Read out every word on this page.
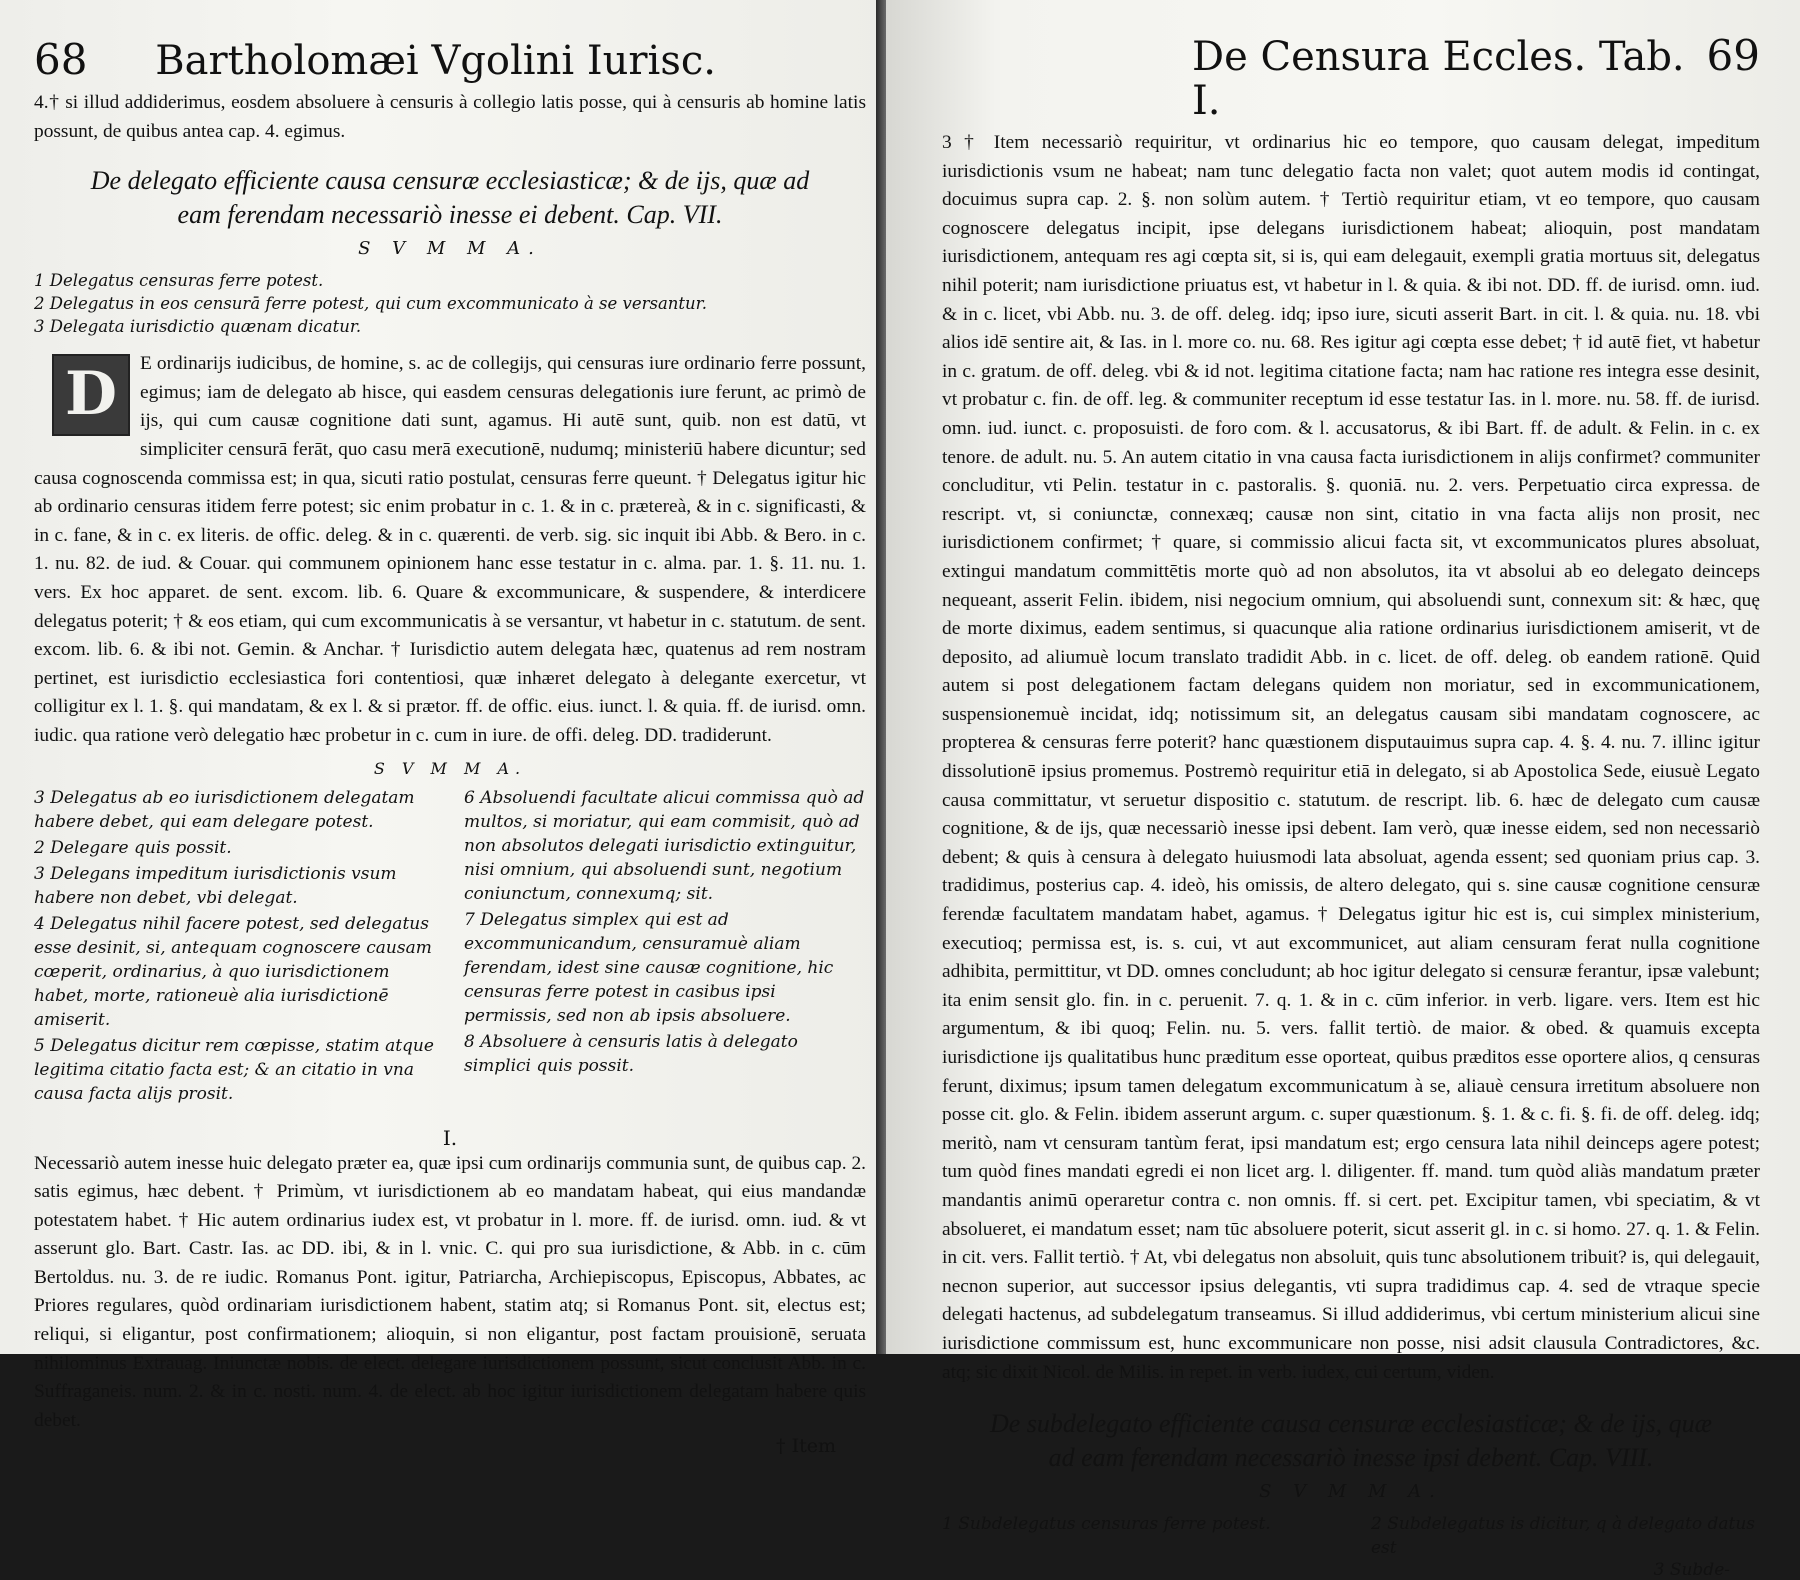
68 Bartholomæi Vgolini Iurisc.

4.† si illud addiderimus, eosdem absoluere à censuris à collegio latis posse, qui à censuris ab homine latis possunt, de quibus antea cap. 4. egimus.

De delegato efficiente causa censuræ ecclesiasticæ; & de ijs, quæ ad eam ferendam necessariò inesse ei debent. Cap. VII.
S V M M A.
1 Delegatus censuras ferre potest.
2 Delegatus in eos censurā ferre potest, qui cum excommunicato à se versantur.
3 Delegata iurisdictio quænam dicatur.
D	E ordinarijs iudicibus, de homine, s. ac de collegijs, qui censuras iure ordinario ferre possunt, egimus; iam de delegato ab hisce, qui easdem censuras delegationis iure ferunt, ac primò de ijs, qui cum causæ cognitione dati sunt, agamus. Hi autē sunt, quib. non est datū, vt simpliciter censurā ferāt, quo casu merā executionē, nudumq; ministeriū habere dicuntur; sed causa cognoscenda commissa est; in qua, sicuti ratio postulat, censuras ferre queunt. † Delegatus igitur hic ab ordinario censuras itidem ferre potest; sic enim probatur in c. 1. & in c. prætereà, & in c. significasti, & in c. fane, & in c. ex literis. de offic. deleg. & in c. quærenti. de verb. sig. sic inquit ibi Abb. & Bero. in c. 1. nu. 82. de iud. & Couar. qui communem opinionem hanc esse testatur in c. alma. par. 1. §. 11. nu. 1. vers. Ex hoc apparet. de sent. excom. lib. 6. Quare & excommunicare, & suspendere, & interdicere delegatus poterit; † & eos etiam, qui cum excommunicatis à se versantur, vt habetur in c. statutum. de sent. excom. lib. 6. & ibi not. Gemin. & Anchar. † Iurisdictio autem delegata hæc, quatenus ad rem nostram pertinet, est iurisdictio ecclesiastica fori contentiosi, quæ inhæret delegato à delegante exercetur, vt colligitur ex l. 1. §. qui mandatam, & ex l. & si prætor. ff. de offic. eius. iunct. l. & quia. ff. de iurisd. omn. iudic. qua ratione verò delegatio hæc probetur in c. cum in iure. de offi. deleg. DD. tradiderunt.

S V M M A.
3 Delegatus ab eo iurisdictionem delegatam habere debet, qui eam delegare potest.
2 Delegare quis possit.
3 Delegans impeditum iurisdictionis vsum habere non debet, vbi delegat.
4 Delegatus nihil facere potest, sed delegatus esse desinit, si, antequam cognoscere causam cœperit, ordinarius, à quo iurisdictionem habet, morte, rationeuè alia iurisdictionē amiserit.
5 Delegatus dicitur rem cœpisse, statim atque legitima citatio facta est; & an citatio in vna causa facta alijs prosit.
6 Absoluendi facultate alicui commissa quò ad multos, si moriatur, qui eam commisit, quò ad non absolutos delegati iurisdictio extinguitur, nisi omnium, qui absoluendi sunt, negotium coniunctum, connexumq; sit.
7 Delegatus simplex qui est ad excommunicandum, censuramuè aliam ferendam, idest sine causæ cognitione, hic censuras ferre potest in casibus ipsi permissis, sed non ab ipsis absoluere.
8 Absoluere à censuris latis à delegato simplici quis possit.
I.

Necessariò autem inesse huic delegato præter ea, quæ ipsi cum ordinarijs communia sunt, de quibus cap. 2. satis egimus, hæc debent. † Primùm, vt iurisdictionem ab eo mandatam habeat, qui eius mandandæ potestatem habet. † Hic autem ordinarius iudex est, vt probatur in l. more. ff. de iurisd. omn. iud. & vt asserunt glo. Bart. Castr. Ias. ac DD. ibi, & in l. vnic. C. qui pro sua iurisdictione, & Abb. in c. cūm Bertoldus. nu. 3. de re iudic. Romanus Pont. igitur, Patriarcha, Archiepiscopus, Episcopus, Abbates, ac Priores regulares, quòd ordinariam iurisdictionem habent, statim atq; si Romanus Pont. sit, electus est; reliqui, si eligantur, post confirmationem; alioquin, si non eligantur, post factam prouisionē, seruata nihilominus Extrauag. Iniunctæ nobis. de elect. delegare iurisdictionem possunt, sicut conclusit Abb. in c. Suffraganeis. num. 2. & in c. nosti. num. 4. de elect. ab hoc igitur iurisdictionem delegatam habere quis debet.

† Item
De Censura Eccles. Tab. I.
69

3 † Item necessariò requiritur, vt ordinarius hic eo tempore, quo causam delegat, impeditum iurisdictionis vsum ne habeat; nam tunc delegatio facta non valet; quot autem modis id contingat, docuimus supra cap. 2. §. non solùm autem. † Tertiò requiritur etiam, vt eo tempore, quo causam cognoscere delegatus incipit, ipse delegans iurisdictionem habeat; alioquin, post mandatam iurisdictionem, antequam res agi cœpta sit, si is, qui eam delegauit, exempli gratia mortuus sit, delegatus nihil poterit; nam iurisdictione priuatus est, vt habetur in l. & quia. & ibi not. DD. ff. de iurisd. omn. iud. & in c. licet, vbi Abb. nu. 3. de off. deleg. idq; ipso iure, sicuti asserit Bart. in cit. l. & quia. nu. 18. vbi alios idē sentire ait, & Ias. in l. more co. nu. 68. Res igitur agi cœpta esse debet; † id autē fiet, vt habetur in c. gratum. de off. deleg. vbi & id not. legitima citatione facta; nam hac ratione res integra esse desinit, vt probatur c. fin. de off. leg. & communiter receptum id esse testatur Ias. in l. more. nu. 58. ff. de iurisd. omn. iud. iunct. c. proposuisti. de foro com. & l. accusatorus, & ibi Bart. ff. de adult. & Felin. in c. ex tenore. de adult. nu. 5. An autem citatio in vna causa facta iurisdictionem in alijs confirmet? communiter concluditur, vti Pelin. testatur in c. pastoralis. §. quoniā. nu. 2. vers. Perpetuatio circa expressa. de rescript. vt, si coniunctæ, connexæq; causæ non sint, citatio in vna facta alijs non prosit, nec iurisdictionem confirmet; † quare, si commissio alicui facta sit, vt excommunicatos plures absoluat, extingui mandatum committētis morte quò ad non absolutos, ita vt absolui ab eo delegato deinceps nequeant, asserit Felin. ibidem, nisi negocium omnium, qui absoluendi sunt, connexum sit: & hæc, quę de morte diximus, eadem sentimus, si quacunque alia ratione ordinarius iurisdictionem amiserit, vt de deposito, ad aliumuè locum translato tradidit Abb. in c. licet. de off. deleg. ob eandem rationē. Quid autem si post delegationem factam delegans quidem non moriatur, sed in excommunicationem, suspensionemuè incidat, idq; notissimum sit, an delegatus causam sibi mandatam cognoscere, ac propterea & censuras ferre poterit? hanc quæstionem disputauimus supra cap. 4. §. 4. nu. 7. illinc igitur dissolutionē ipsius promemus. Postremò requiritur etiā in delegato, si ab Apostolica Sede, eiusuè Legato causa committatur, vt seruetur dispositio c. statutum. de rescript. lib. 6. hæc de delegato cum causæ cognitione, & de ijs, quæ necessariò inesse ipsi debent. Iam verò, quæ inesse eidem, sed non necessariò debent; & quis à censura à delegato huiusmodi lata absoluat, agenda essent; sed quoniam prius cap. 3. tradidimus, posterius cap. 4. ideò, his omissis, de altero delegato, qui s. sine causæ cognitione censuræ ferendæ facultatem mandatam habet, agamus. † Delegatus igitur hic est is, cui simplex ministerium, executioq; permissa est, is. s. cui, vt aut excommunicet, aut aliam censuram ferat nulla cognitione adhibita, permittitur, vt DD. omnes concludunt; ab hoc igitur delegato si censuræ ferantur, ipsæ valebunt; ita enim sensit glo. fin. in c. peruenit. 7. q. 1. & in c. cūm inferior. in verb. ligare. vers. Item est hic argumentum, & ibi quoq; Felin. nu. 5. vers. fallit tertiò. de maior. & obed. & quamuis excepta iurisdictione ijs qualitatibus hunc præditum esse oporteat, quibus præditos esse oportere alios, q censuras ferunt, diximus; ipsum tamen delegatum excommunicatum à se, aliauè censura irretitum absoluere non posse cit. glo. & Felin. ibidem asserunt argum. c. super quæstionum. §. 1. & c. fi. §. fi. de off. deleg. idq; meritò, nam vt censuram tantùm ferat, ipsi mandatum est; ergo censura lata nihil deinceps agere potest; tum quòd fines mandati egredi ei non licet arg. l. diligenter. ff. mand. tum quòd aliàs mandatum præter mandantis animū operaretur contra c. non omnis. ff. si cert. pet. Excipitur tamen, vbi speciatim, & vt absolueret, ei mandatum esset; nam tūc absoluere poterit, sicut asserit gl. in c. si homo. 27. q. 1. & Felin. in cit. vers. Fallit tertiò. † At, vbi delegatus non absoluit, quis tunc absolutionem tribuit? is, qui delegauit, necnon superior, aut successor ipsius delegantis, vti supra tradidimus cap. 4. sed de vtraque specie delegati hactenus, ad subdelegatum transeamus. Si illud addiderimus, vbi certum ministerium alicui sine iurisdictione commissum est, hunc excommunicare non posse, nisi adsit clausula Contradictores, &c. atq; sic dixit Nicol. de Milis. in repet. in verb. iudex, cui certum, viden.

De subdelegato efficiente causa censuræ ecclesiasticæ; & de ijs, quæ ad eam ferendam necessariò inesse ipsi debent. Cap. VIII.
S V M M A.
1 Subdelegatus censuras ferre potest.	2 Subdelegatus is dicitur, q à delegato datus est
3 Subde-
